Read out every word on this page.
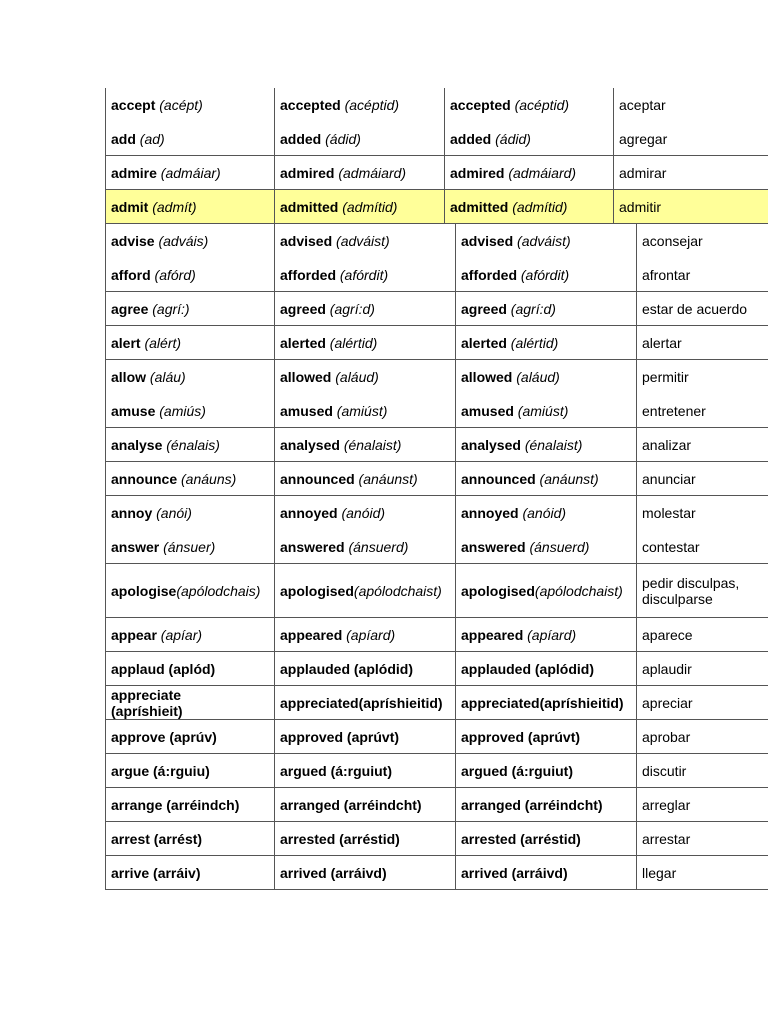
accept (acépt)	accepted (acéptid)	accepted (acéptid)	aceptar
add (ad)	added (ádid)	added (ádid)	agregar
admire (admáiar)	admired (admáiard)	admired (admáiard)	admirar
admit (admít)	admitted (admítid)	admitted (admítid)	admitir
advise (adváis)	advised (adváist)	advised (adváist)	aconsejar
afford (afórd)	afforded (afórdit)	afforded (afórdit)	afrontar
agree (agrí:)	agreed (agrí:d)	agreed (agrí:d)	estar de acuerdo
alert (alért)	alerted (alértid)	alerted (alértid)	alertar
allow (aláu)	allowed (aláud)	allowed (aláud)	permitir
amuse (amiús)	amused (amiúst)	amused (amiúst)	entretener
analyse (énalais)	analysed (énalaist)	analysed (énalaist)	analizar
announce (anáuns)	announced (anáunst)	announced (anáunst)	anunciar
annoy (anói)	annoyed (anóid)	annoyed (anóid)	molestar
answer (ánsuer)	answered (ánsuerd)	answered (ánsuerd)	contestar
apologise(apólodchais)	apologised(apólodchaist)	apologised(apólodchaist)	pedir disculpas,
disculparse
appear (apíar)	appeared (apíard)	appeared (apíard)	aparece
applaud (aplód)	applauded (aplódid)	applauded (aplódid)	aplaudir
appreciate
(apríshieit)	appreciated(apríshieitid)	appreciated(apríshieitid)	apreciar
approve (aprúv)	approved (aprúvt)	approved (aprúvt)	aprobar
argue (á:rguiu)	argued (á:rguiut)	argued (á:rguiut)	discutir
arrange (arréindch)	arranged (arréindcht)	arranged (arréindcht)	arreglar
arrest (arrést)	arrested (arréstid)	arrested (arréstid)	arrestar
arrive (arráiv)	arrived (arráivd)	arrived (arráivd)	llegar
